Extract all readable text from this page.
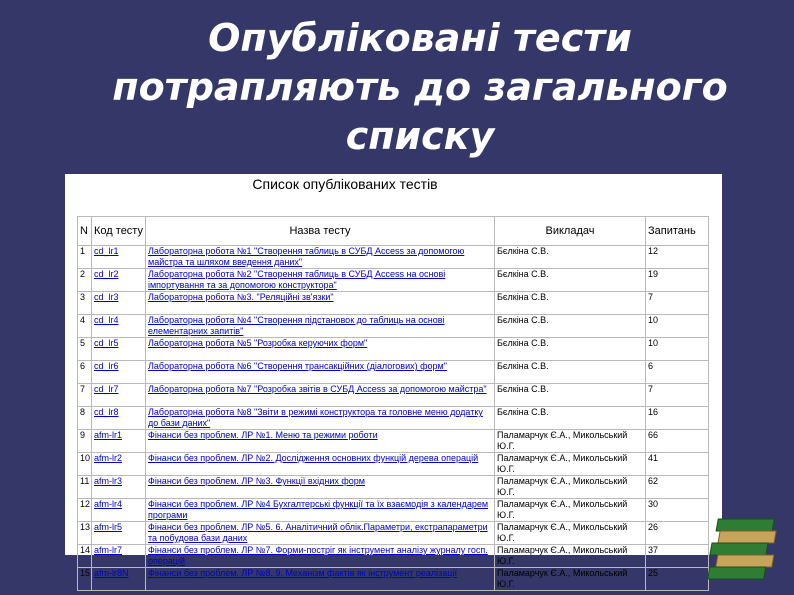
Опубліковані тести
потрапляють до загального
списку
Список опублікованих тестів
N	Код тесту	Назва тесту	Викладач	Запитань
1	cd_lr1	Лабораторна робота №1 "Створення таблиць в СУБД Access за допомогою майстра та шляхом введення даних"	Бєлкіна С.В.	12
2	cd_lr2	Лабораторна робота №2 "Створення таблиць в СУБД Access на основі імпортування та за допомогою конструктора"	Бєлкіна С.В.	19
3	cd_lr3	Лабораторна робота №3. "Реляційні зв'язки"	Бєлкіна С.В.	7
4	cd_lr4	Лабораторна робота №4 "Створення підстановок до таблиць на основі елементарних запитів"	Бєлкіна С.В.	10
5	cd_lr5	Лабораторна робота №5 "Розробка керуючих форм"	Бєлкіна С.В.	10
6	cd_lr6	Лабораторна робота №6 "Створення трансакційних (діалогових) форм"	Бєлкіна С.В.	6
7	cd_lr7	Лабораторна робота №7 "Розробка звітів в СУБД Access за допомогою майстра"	Бєлкіна С.В.	7
8	cd_lr8	Лабораторна робота №8 "Звіти в режимі конструктора та головне меню додатку до бази даних"	Бєлкіна С.В.	16
9	afm-lr1	Фінанси без проблем. ЛР №1. Меню та режими роботи	Паламарчук Є.А., Микольський Ю.Г.	66
10	afm-lr2	Фінанси без проблем. ЛР №2. Дослідження основних функцій дерева операцій	Паламарчук Є.А., Микольський Ю.Г.	41
11	afm-lr3	Фінанси без проблем. ЛР №3. Функції вхідних форм	Паламарчук Є.А., Микольський Ю.Г.	62
12	afm-lr4	Фінанси без проблем. ЛР №4 Бухгалтерські функції та їх взаємодія з календарем програми	Паламарчук Є.А., Микольський Ю.Г.	30
13	afm-lr5	Фінанси без проблем. ЛР №5. 6. Аналітичний облік.Параметри, екстрапараметри та побудова бази даних	Паламарчук Є.А., Микольський Ю.Г.	26
14	afm-lr7	Фінанси без проблем. ЛР №7. Форми-постріг як інструмент аналізу журналу госп. операцій	Паламарчук Є.А., Микольський Ю.Г.	37
15	afm-lr8N	Фінанси без проблем. ЛР №8. 9. Механізм фактів як інструмент реалізації	Паламарчук Є.А., Микольський Ю.Г.	25
